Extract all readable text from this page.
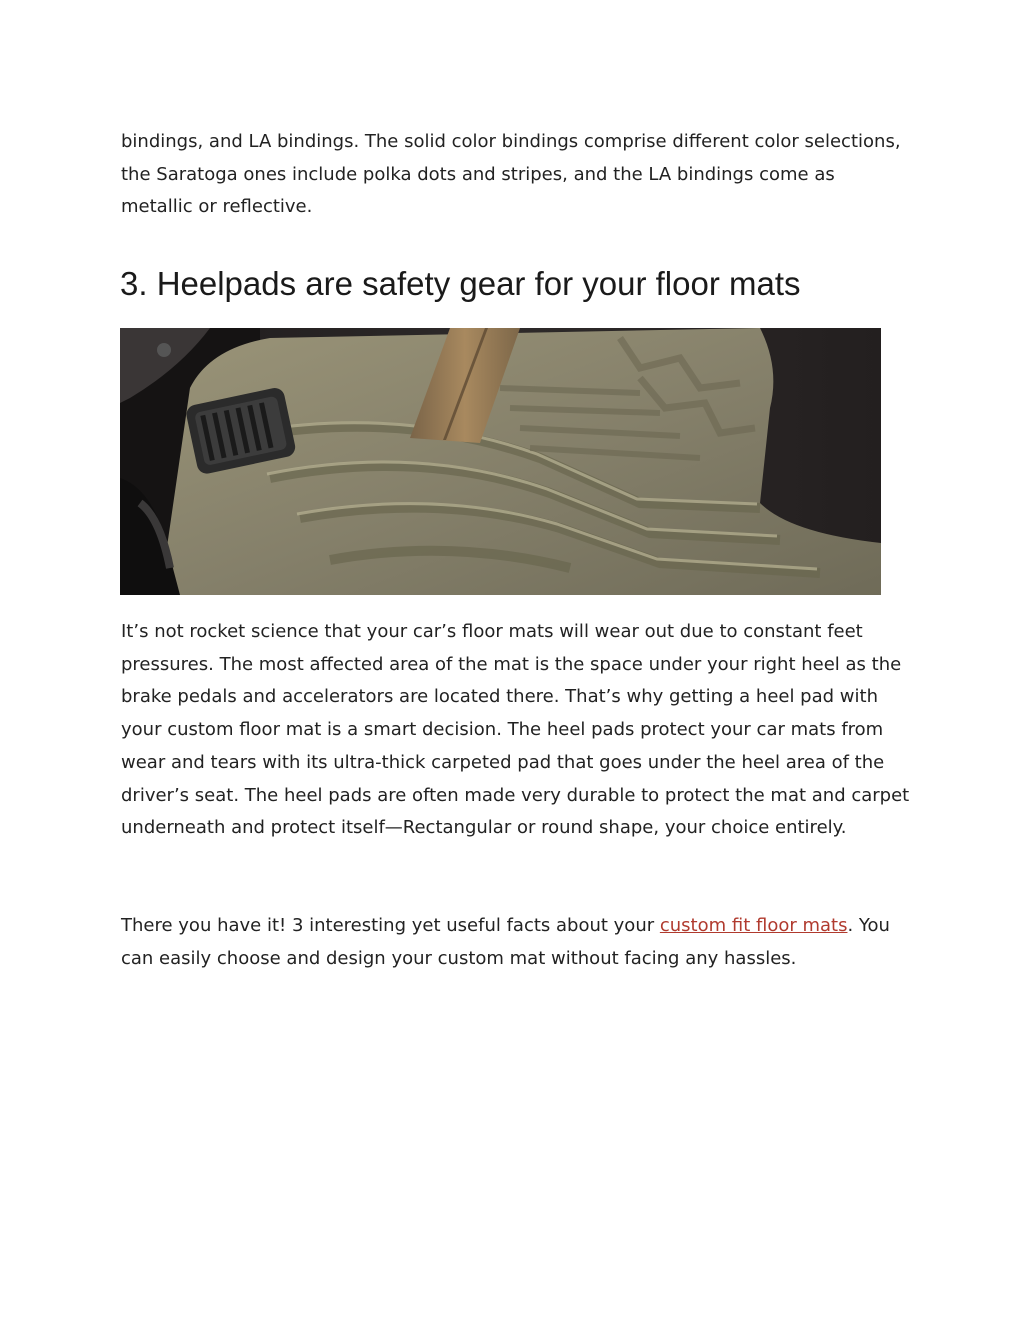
bindings, and LA bindings. The solid color bindings comprise different color selections, the Saratoga ones include polka dots and stripes, and the LA bindings come as metallic or reflective.

3. Heelpads are safety gear for your floor mats

It’s not rocket science that your car’s floor mats will wear out due to constant feet pressures. The most affected area of the mat is the space under your right heel as the brake pedals and accelerators are located there. That’s why getting a heel pad with your custom floor mat is a smart decision. The heel pads protect your car mats from wear and tears with its ultra-thick carpeted pad that goes under the heel area of the driver’s seat. The heel pads are often made very durable to protect the mat and carpet underneath and protect itself—Rectangular or round shape, your choice entirely.

There you have it! 3 interesting yet useful facts about your custom fit floor mats. You can easily choose and design your custom mat without facing any hassles.
